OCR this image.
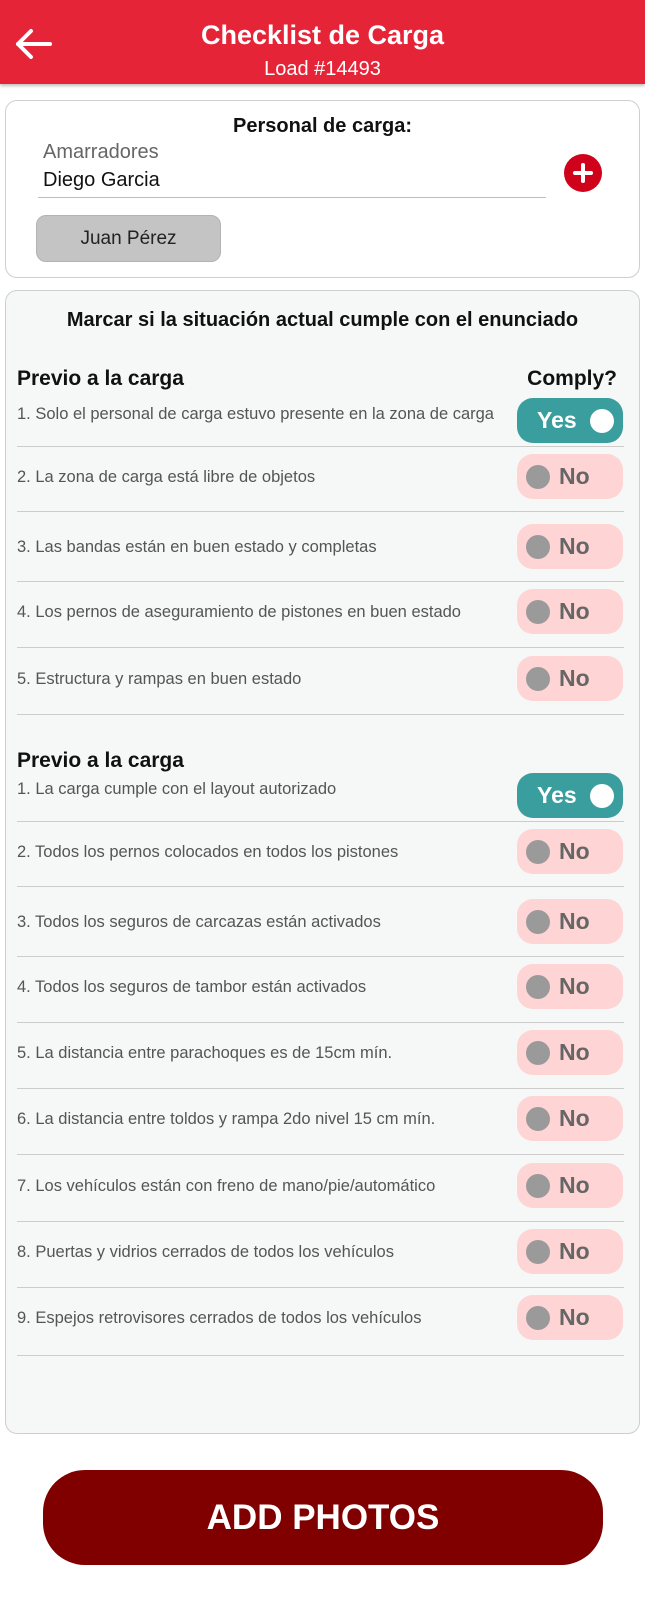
Checklist de Carga
Load #14493
Personal de carga:
Amarradores
Diego Garcia
Juan Pérez
Marcar si la situación actual cumple con el enunciado
Comply?
Previo a la carga
1. Solo el personal de carga estuvo presente en la zona de carga Yes
2. La zona de carga está libre de objetos	No
3. Las bandas están en buen estado y completas	No
4. Los pernos de aseguramiento de pistones en buen estado	No
5. Estructura y rampas en buen estado	No
Previo a la carga
1. La carga cumple con el layout autorizado	Yes
2. Todos los pernos colocados en todos los pistones	No
3. Todos los seguros de carcazas están activados	No
4. Todos los seguros de tambor están activados	No
5. La distancia entre parachoques es de 15cm mín.	No
6. La distancia entre toldos y rampa 2do nivel 15 cm mín.	No
7. Los vehículos están con freno de mano/pie/automático	No
8. Puertas y vidrios cerrados de todos los vehículos	No
9. Espejos retrovisores cerrados de todos los vehículos	No
ADD PHOTOS
